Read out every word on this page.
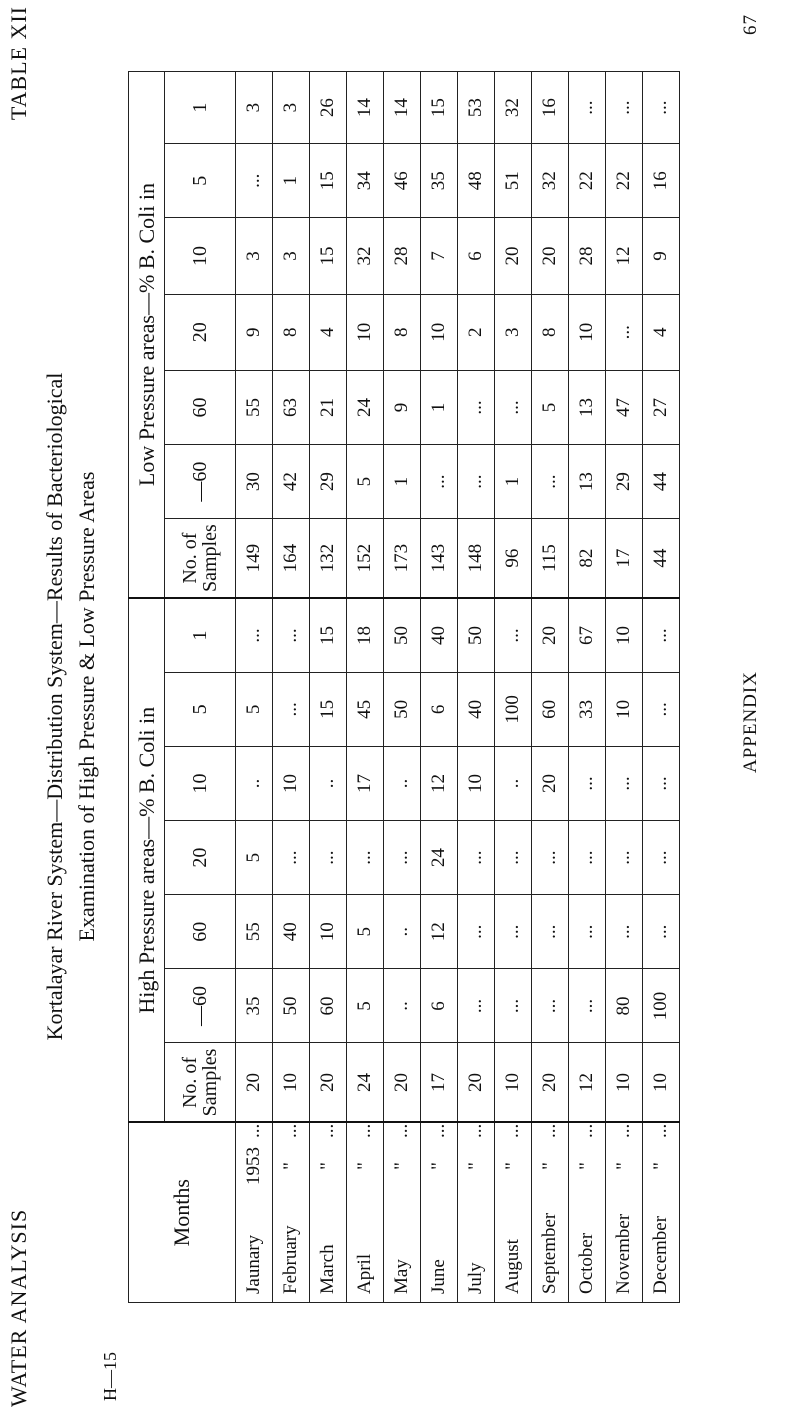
WATER ANALYSIS
TABLE XII
Kortalayar River System—Distribution System—Results of Bacteriological Examination of High Pressure & Low Pressure Areas
H—15
APPENDIX
67
Months	High Pressure areas—% B. Coli in							Low Pressure areas—% B. Coli in						
	No. of Samples	—60	60	20	10	5	1	No. of Samples	—60	60	20	10	5	1
Jaunary1953...	20	35	55	5	..	5	...	149	30	55	9	3	...	3
February"...	10	50	40	...	10	...	...	164	42	63	8	3	1	3
March"...	20	60	10	...	..	15	15	132	29	21	4	15	15	26
April"...	24	5	5	...	17	45	18	152	5	24	10	32	34	14
May"...	20	..	..	...	..	50	50	173	1	9	8	28	46	14
June"...	17	6	12	24	12	6	40	143	...	1	10	7	35	15
July"...	20	...	...	...	10	40	50	148	...	...	2	6	48	53
August"...	10	...	...	...	..	100	...	96	1	...	3	20	51	32
September"...	20	...	...	...	20	60	20	115	...	5	8	20	32	16
October"...	12	...	...	...	...	33	67	82	13	13	10	28	22	...
November"...	10	80	...	...	...	10	10	17	29	47	...	12	22	...
December"...	10	100	...	...	...	...	...	44	44	27	4	9	16	...
